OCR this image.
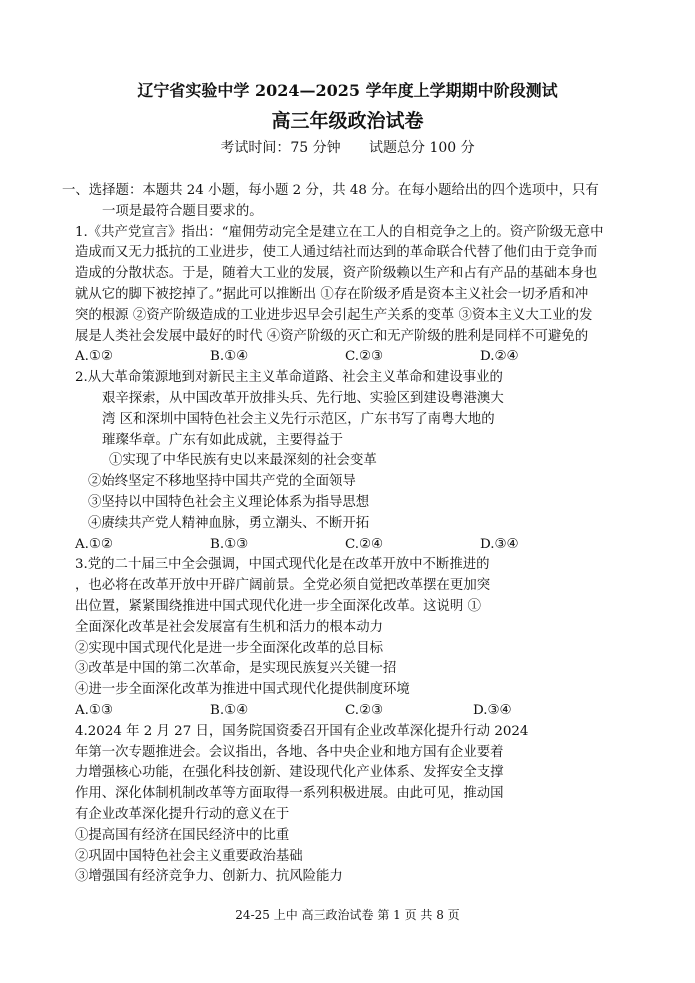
辽宁省实验中学 2024—2025 学年度上学期期中阶段测试
高三年级政治试卷
考试时间：75 分钟 试题总分 100 分
一、选择题：本题共 24 小题，每小题 2 分，共 48 分。在每小题给出的四个选项中，只有
一项是最符合题目要求的。
1.《共产党宣言》指出：“雇佣劳动完全是建立在工人的自相竞争之上的。资产阶级无意中
造成而又无力抵抗的工业进步，使工人通过结社而达到的革命联合代替了他们由于竞争而
造成的分散状态。于是，随着大工业的发展，资产阶级赖以生产和占有产品的基础本身也
就从它的脚下被挖掉了。”据此可以推断出 ①存在阶级矛盾是资本主义社会一切矛盾和冲
突的根源 ②资产阶级造成的工业进步迟早会引起生产关系的变革 ③资本主义大工业的发
展是人类社会发展中最好的时代 ④资产阶级的灭亡和无产阶级的胜利是同样不可避免的
A.①②	B.①④	C.②③	D.②④
2.从大革命策源地到对新民主主义革命道路、社会主义革命和建设事业的
艰辛探索，从中国改革开放排头兵、先行地、实验区到建设粤港澳大
湾 区和深圳中国特色社会主义先行示范区，广东书写了南粤大地的
璀璨华章。广东有如此成就，主要得益于
①实现了中华民族有史以来最深刻的社会变革
②始终坚定不移地坚持中国共产党的全面领导
③坚持以中国特色社会主义理论体系为指导思想
④赓续共产党人精神血脉，勇立潮头、不断开拓
A.①②	B.①③	C.②④	D.③④
3.党的二十届三中全会强调，中国式现代化是在改革开放中不断推进的
，也必将在改革开放中开辟广阔前景。全党必须自觉把改革摆在更加突
出位置，紧紧围绕推进中国式现代化进一步全面深化改革。这说明 ①
全面深化改革是社会发展富有生机和活力的根本动力
②实现中国式现代化是进一步全面深化改革的总目标
③改革是中国的第二次革命，是实现民族复兴关键一招
④进一步全面深化改革为推进中国式现代化提供制度环境
A.①③	B.①④	C.②③	D.③④
4.2024 年 2 月 27 日，国务院国资委召开国有企业改革深化提升行动 2024
年第一次专题推进会。会议指出，各地、各中央企业和地方国有企业要着
力增强核心功能，在强化科技创新、建设现代化产业体系、发挥安全支撑
作用、深化体制机制改革等方面取得一系列积极进展。由此可见，推动国
有企业改革深化提升行动的意义在于
①提高国有经济在国民经济中的比重
②巩固中国特色社会主义重要政治基础
③增强国有经济竞争力、创新力、抗风险能力
24-25 上中 高三政治试卷 第 1 页 共 8 页
